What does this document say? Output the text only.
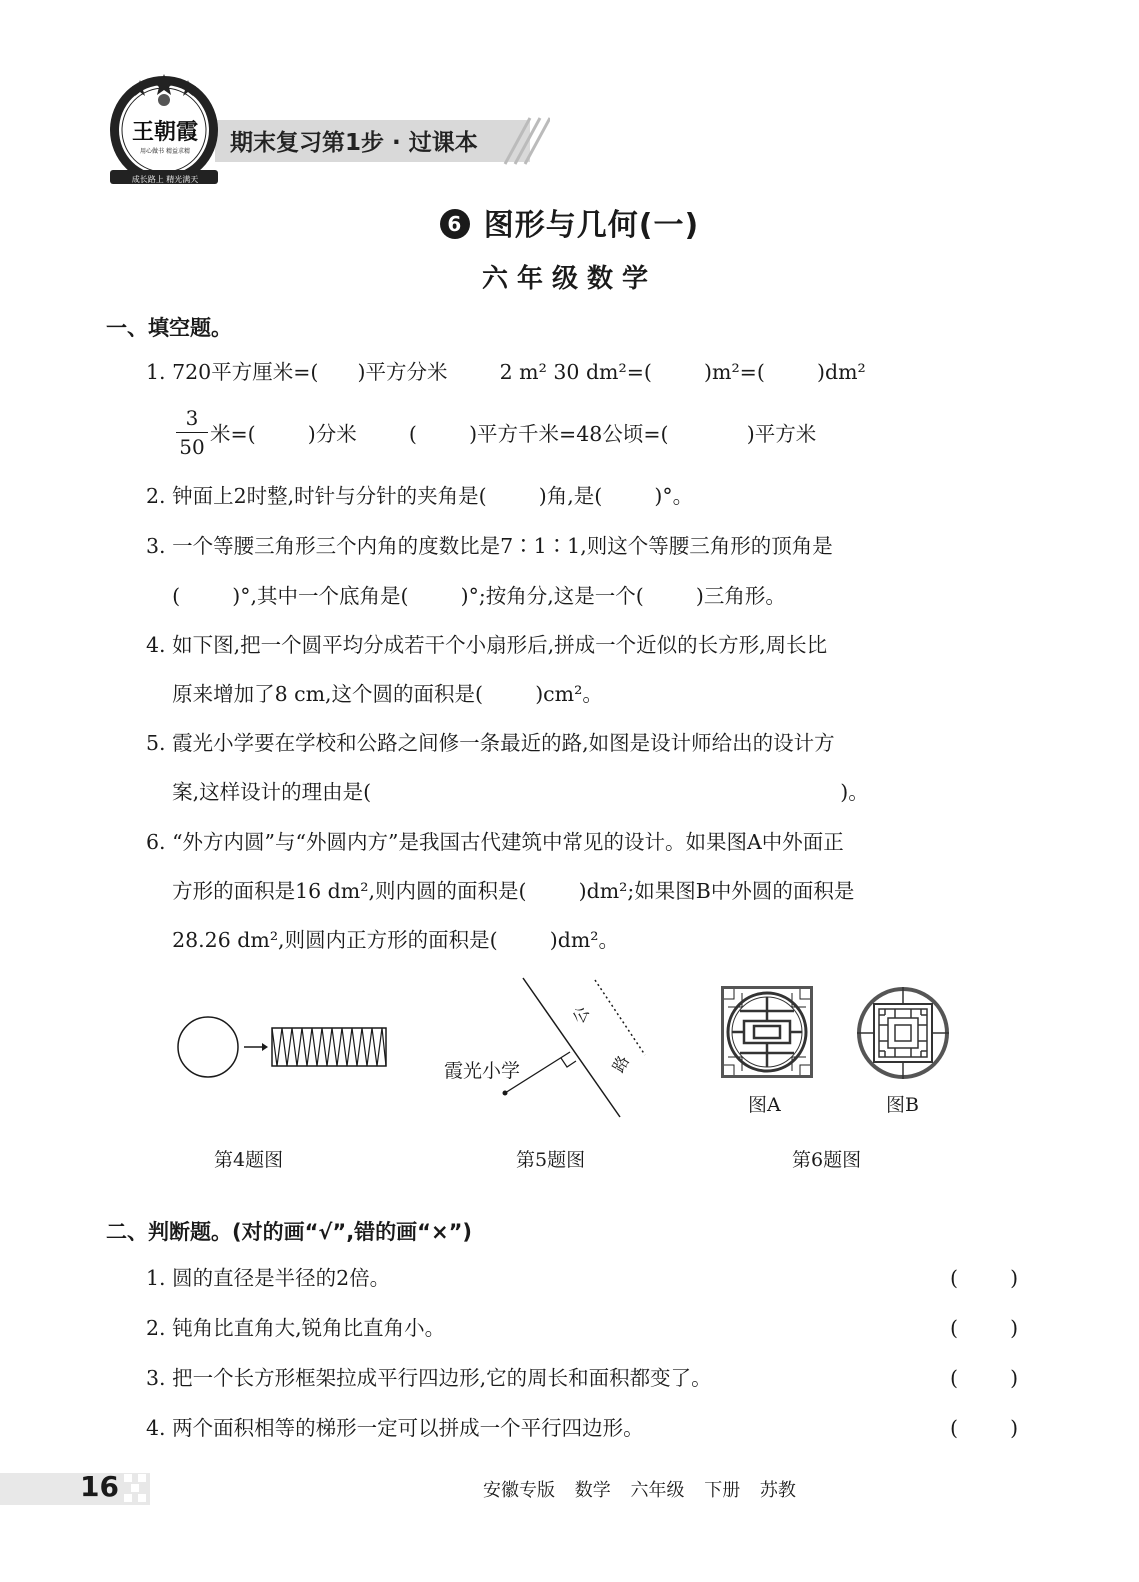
期末复习第1步 · 过课本
王朝霞
用心做书 精益求精
成长路上 精光满天
6 图形与几何(一)
六年级数学
一、填空题。
1. 720平方厘米=(      )平方分米        2 m² 30 dm²=(        )m²=(        )dm²
3
50
米=(        )分米        (        )平方千米=48公顷=(            )平方米
2. 钟面上2时整,时针与分针的夹角是(        )角,是(        )°。
3. 一个等腰三角形三个内角的度数比是7∶1∶1,则这个等腰三角形的顶角是
(        )°,其中一个底角是(        )°;按角分,这是一个(        )三角形。
4. 如下图,把一个圆平均分成若干个小扇形后,拼成一个近似的长方形,周长比
原来增加了8 cm,这个圆的面积是(        )cm²。
5. 霞光小学要在学校和公路之间修一条最近的路,如图是设计师给出的设计方
案,这样设计的理由是(                                                                        )。
6. “外方内圆”与“外圆内方”是我国古代建筑中常见的设计。如果图A中外面正
方形的面积是16 dm²,则内圆的面积是(        )dm²;如果图B中外圆的面积是
28.26 dm²,则圆内正方形的面积是(        )dm²。
霞光小学
公
路
图A	图B
第4题图	第5题图	第6题图
二、判断题。(对的画“√”,错的画“×”)
1. 圆的直径是半径的2倍。	(        )
2. 钝角比直角大,锐角比直角小。	(        )
3. 把一个长方形框架拉成平行四边形,它的周长和面积都变了。	(        )
4. 两个面积相等的梯形一定可以拼成一个平行四边形。	(        )
16	安徽专版 数学 六年级 下册 苏教
